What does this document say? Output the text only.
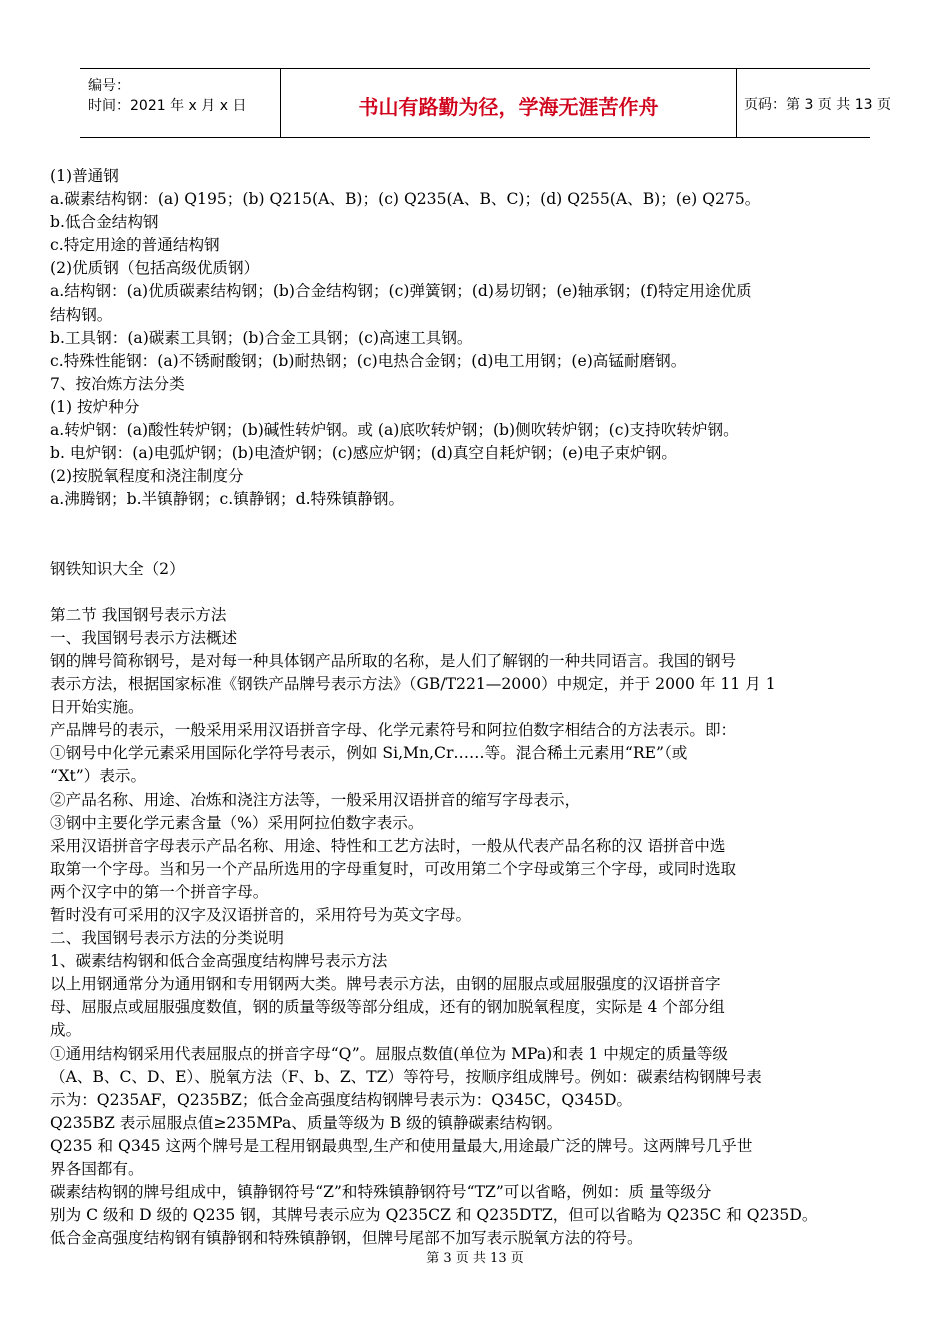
编号：
时间：2021 年 x 月 x 日	书山有路勤为径，学海无涯苦作舟	页码：第 3 页 共 13 页

(1)普通钢

a.碳素结构钢：(a) Q195；(b) Q215(A、B)；(c) Q235(A、B、C)；(d) Q255(A、B)；(e) Q275。

b.低合金结构钢

c.特定用途的普通结构钢

(2)优质钢（包括高级优质钢）

a.结构钢：(a)优质碳素结构钢；(b)合金结构钢；(c)弹簧钢；(d)易切钢；(e)轴承钢；(f)特定用途优质

结构钢。

b.工具钢：(a)碳素工具钢；(b)合金工具钢；(c)高速工具钢。

c.特殊性能钢：(a)不锈耐酸钢；(b)耐热钢；(c)电热合金钢；(d)电工用钢；(e)高锰耐磨钢。

7、按冶炼方法分类

(1) 按炉种分

a.转炉钢：(a)酸性转炉钢；(b)碱性转炉钢。或 (a)底吹转炉钢；(b)侧吹转炉钢；(c)支持吹转炉钢。

b. 电炉钢：(a)电弧炉钢；(b)电渣炉钢；(c)感应炉钢；(d)真空自耗炉钢；(e)电子束炉钢。

(2)按脱氧程度和浇注制度分

a.沸腾钢；b.半镇静钢；c.镇静钢；d.特殊镇静钢。

钢铁知识大全（2）

第二节 我国钢号表示方法

一、我国钢号表示方法概述

钢的牌号简称钢号，是对每一种具体钢产品所取的名称，是人们了解钢的一种共同语言。我国的钢号

表示方法，根据国家标准《钢铁产品牌号表示方法》（GB/T221—2000）中规定，并于 2000 年 11 月 1

日开始实施。

产品牌号的表示，一般采用采用汉语拼音字母、化学元素符号和阿拉伯数字相结合的方法表示。即：

①钢号中化学元素采用国际化学符号表示，例如 Si,Mn,Cr……等。混合稀土元素用“RE”（或

“Xt”）表示。

②产品名称、用途、冶炼和浇注方法等，一般采用汉语拼音的缩写字母表示，

③钢中主要化学元素含量（%）采用阿拉伯数字表示。

采用汉语拼音字母表示产品名称、用途、特性和工艺方法时，一般从代表产品名称的汉 语拼音中选

取第一个字母。当和另一个产品所选用的字母重复时，可改用第二个字母或第三个字母，或同时选取

两个汉字中的第一个拼音字母。

暂时没有可采用的汉字及汉语拼音的，采用符号为英文字母。

二、我国钢号表示方法的分类说明

1、碳素结构钢和低合金高强度结构牌号表示方法

以上用钢通常分为通用钢和专用钢两大类。牌号表示方法，由钢的屈服点或屈服强度的汉语拼音字

母、屈服点或屈服强度数值，钢的质量等级等部分组成，还有的钢加脱氧程度，实际是 4 个部分组

成。

①通用结构钢采用代表屈服点的拼音字母“Q”。屈服点数值(单位为 MPa)和表 1 中规定的质量等级

（A、B、C、D、E）、脱氧方法（F、b、Z、TZ）等符号，按顺序组成牌号。例如：碳素结构钢牌号表

示为：Q235AF，Q235BZ；低合金高强度结构钢牌号表示为：Q345C，Q345D。

Q235BZ 表示屈服点值≥235MPa、质量等级为 B 级的镇静碳素结构钢。

Q235 和 Q345 这两个牌号是工程用钢最典型,生产和使用量最大,用途最广泛的牌号。这两牌号几乎世

界各国都有。

碳素结构钢的牌号组成中，镇静钢符号“Z”和特殊镇静钢符号“TZ”可以省略，例如：质 量等级分

别为 C 级和 D 级的 Q235 钢，其牌号表示应为 Q235CZ 和 Q235DTZ，但可以省略为 Q235C 和 Q235D。

低合金高强度结构钢有镇静钢和特殊镇静钢，但牌号尾部不加写表示脱氧方法的符号。

第 3 页 共 13 页
